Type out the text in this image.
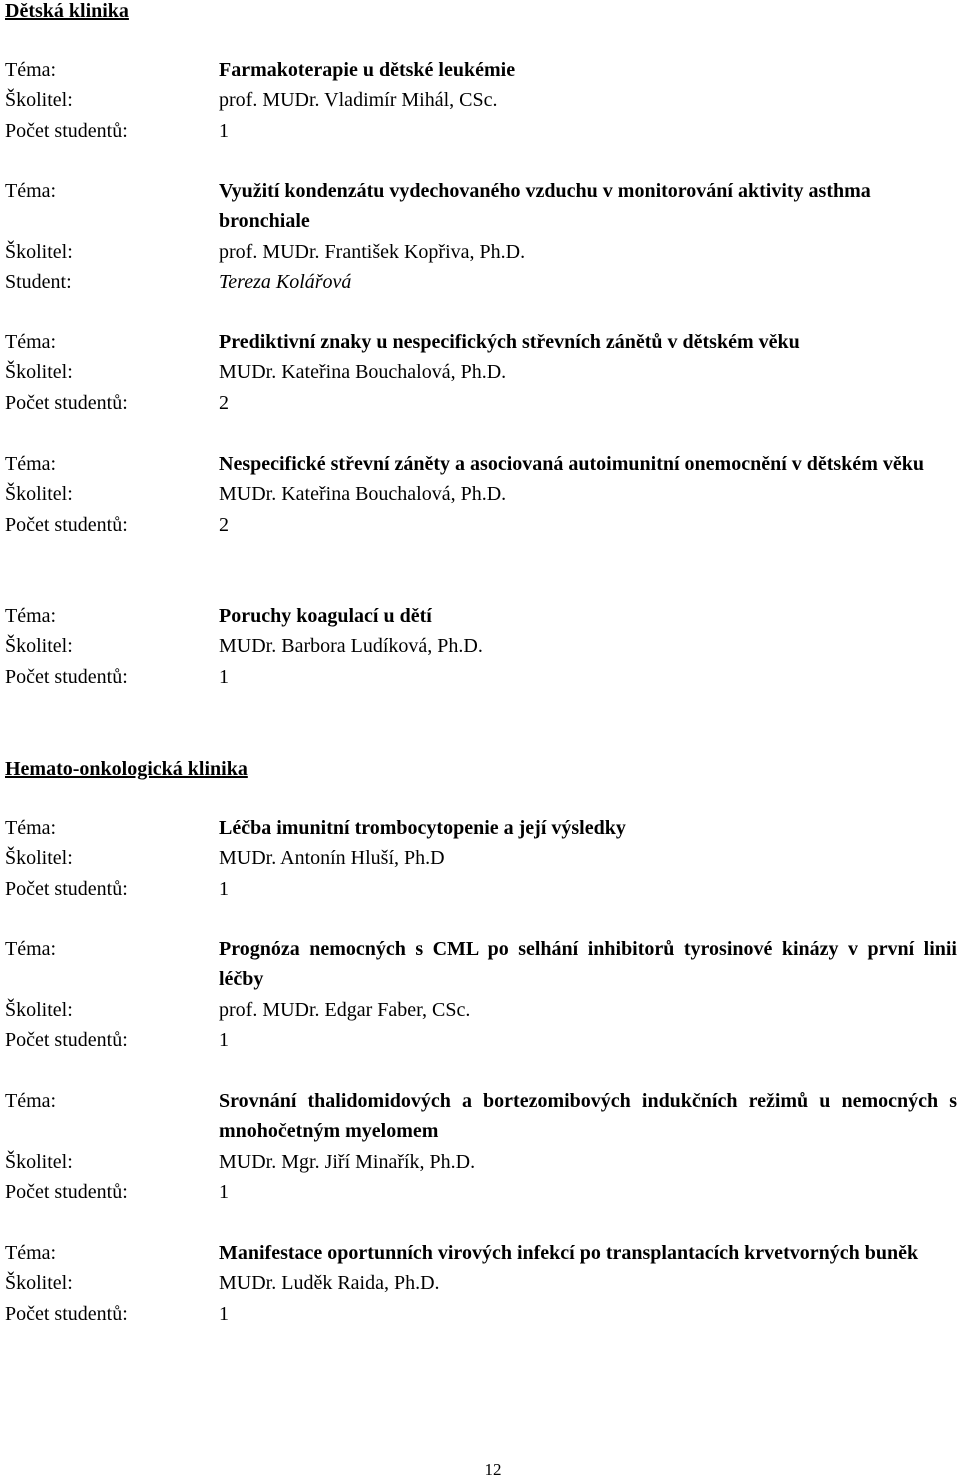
Dětská klinika
Téma:	Farmakoterapie u dětské leukémie
Školitel:	prof. MUDr. Vladimír Mihál, CSc.
Počet studentů:	1
Téma:	Využití kondenzátu vydechovaného vzduchu v monitorování aktivity asthma bronchiale
Školitel:	prof. MUDr. František Kopřiva, Ph.D.
Student:	Tereza Kolářová
Téma:	Prediktivní znaky u nespecifických střevních zánětů v dětském věku
Školitel:	MUDr. Kateřina Bouchalová, Ph.D.
Počet studentů:	2
Téma:	Nespecifické střevní záněty a asociovaná autoimunitní onemocnění v dětském věku
Školitel:	MUDr. Kateřina Bouchalová, Ph.D.
Počet studentů:	2
Téma:	Poruchy koagulací u dětí
Školitel:	MUDr. Barbora Ludíková, Ph.D.
Počet studentů:	1
Hemato-onkologická klinika
Téma:	Léčba imunitní trombocytopenie a její výsledky
Školitel:	MUDr. Antonín Hluší, Ph.D
Počet studentů:	1
Téma:	Prognóza nemocných s CML po selhání inhibitorů tyrosinové kinázy v první linii léčby
Školitel:	prof. MUDr. Edgar Faber, CSc.
Počet studentů:	1
Téma:	Srovnání thalidomidových a bortezomibových indukčních režimů u nemocných s mnohočetným myelomem
Školitel:	MUDr. Mgr. Jiří Minařík, Ph.D.
Počet studentů:	1
Téma:	Manifestace oportunních virových infekcí po transplantacích krvetvorných buněk
Školitel:	MUDr. Luděk Raida, Ph.D.
Počet studentů:	1
12
